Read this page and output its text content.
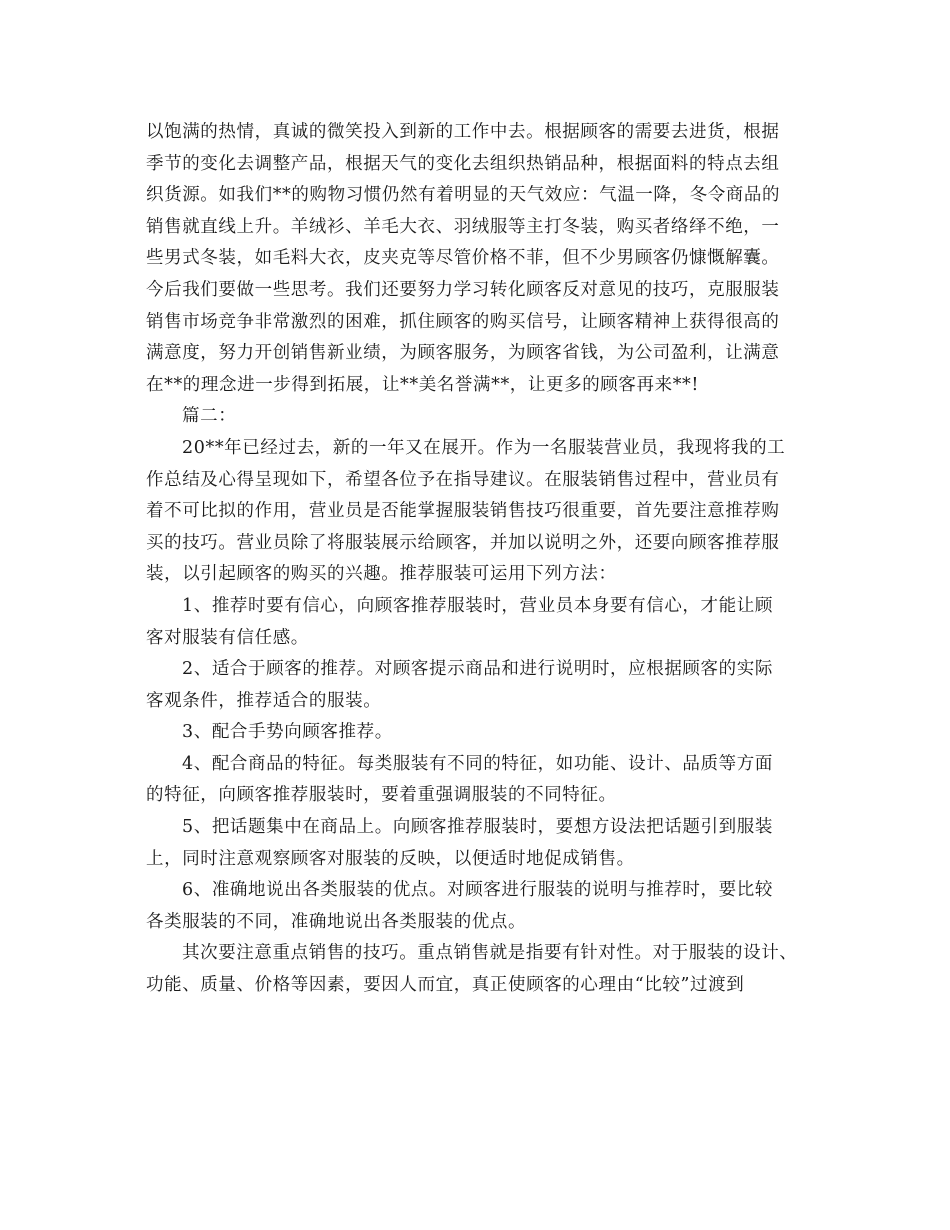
以饱满的热情，真诚的微笑投入到新的工作中去。根据顾客的需要去进货，根据
季节的变化去调整产品，根据天气的变化去组织热销品种，根据面料的特点去组
织货源。如我们**的购物习惯仍然有着明显的天气效应：气温一降，冬令商品的
销售就直线上升。羊绒衫、羊毛大衣、羽绒服等主打冬装，购买者络绎不绝，一
些男式冬装，如毛料大衣，皮夹克等尽管价格不菲，但不少男顾客仍慷慨解囊。
今后我们要做一些思考。我们还要努力学习转化顾客反对意见的技巧，克服服装
销售市场竞争非常激烈的困难，抓住顾客的购买信号，让顾客精神上获得很高的
满意度，努力开创销售新业绩，为顾客服务，为顾客省钱，为公司盈利，让满意
在**的理念进一步得到拓展，让**美名誉满**，让更多的顾客再来**!
篇二：
20**年已经过去，新的一年又在展开。作为一名服装营业员，我现将我的工
作总结及心得呈现如下，希望各位予在指导建议。在服装销售过程中，营业员有
着不可比拟的作用，营业员是否能掌握服装销售技巧很重要，首先要注意推荐购
买的技巧。营业员除了将服装展示给顾客，并加以说明之外，还要向顾客推荐服
装，以引起顾客的购买的兴趣。推荐服装可运用下列方法：
1、推荐时要有信心，向顾客推荐服装时，营业员本身要有信心，才能让顾
客对服装有信任感。
2、适合于顾客的推荐。对顾客提示商品和进行说明时，应根据顾客的实际
客观条件，推荐适合的服装。
3、配合手势向顾客推荐。
4、配合商品的特征。每类服装有不同的特征，如功能、设计、品质等方面
的特征，向顾客推荐服装时，要着重强调服装的不同特征。
5、把话题集中在商品上。向顾客推荐服装时，要想方设法把话题引到服装
上，同时注意观察顾客对服装的反映，以便适时地促成销售。
6、准确地说出各类服装的优点。对顾客进行服装的说明与推荐时，要比较
各类服装的不同，准确地说出各类服装的优点。
其次要注意重点销售的技巧。重点销售就是指要有针对性。对于服装的设计、
功能、质量、价格等因素，要因人而宜，真正使顾客的心理由“比较”过渡到
